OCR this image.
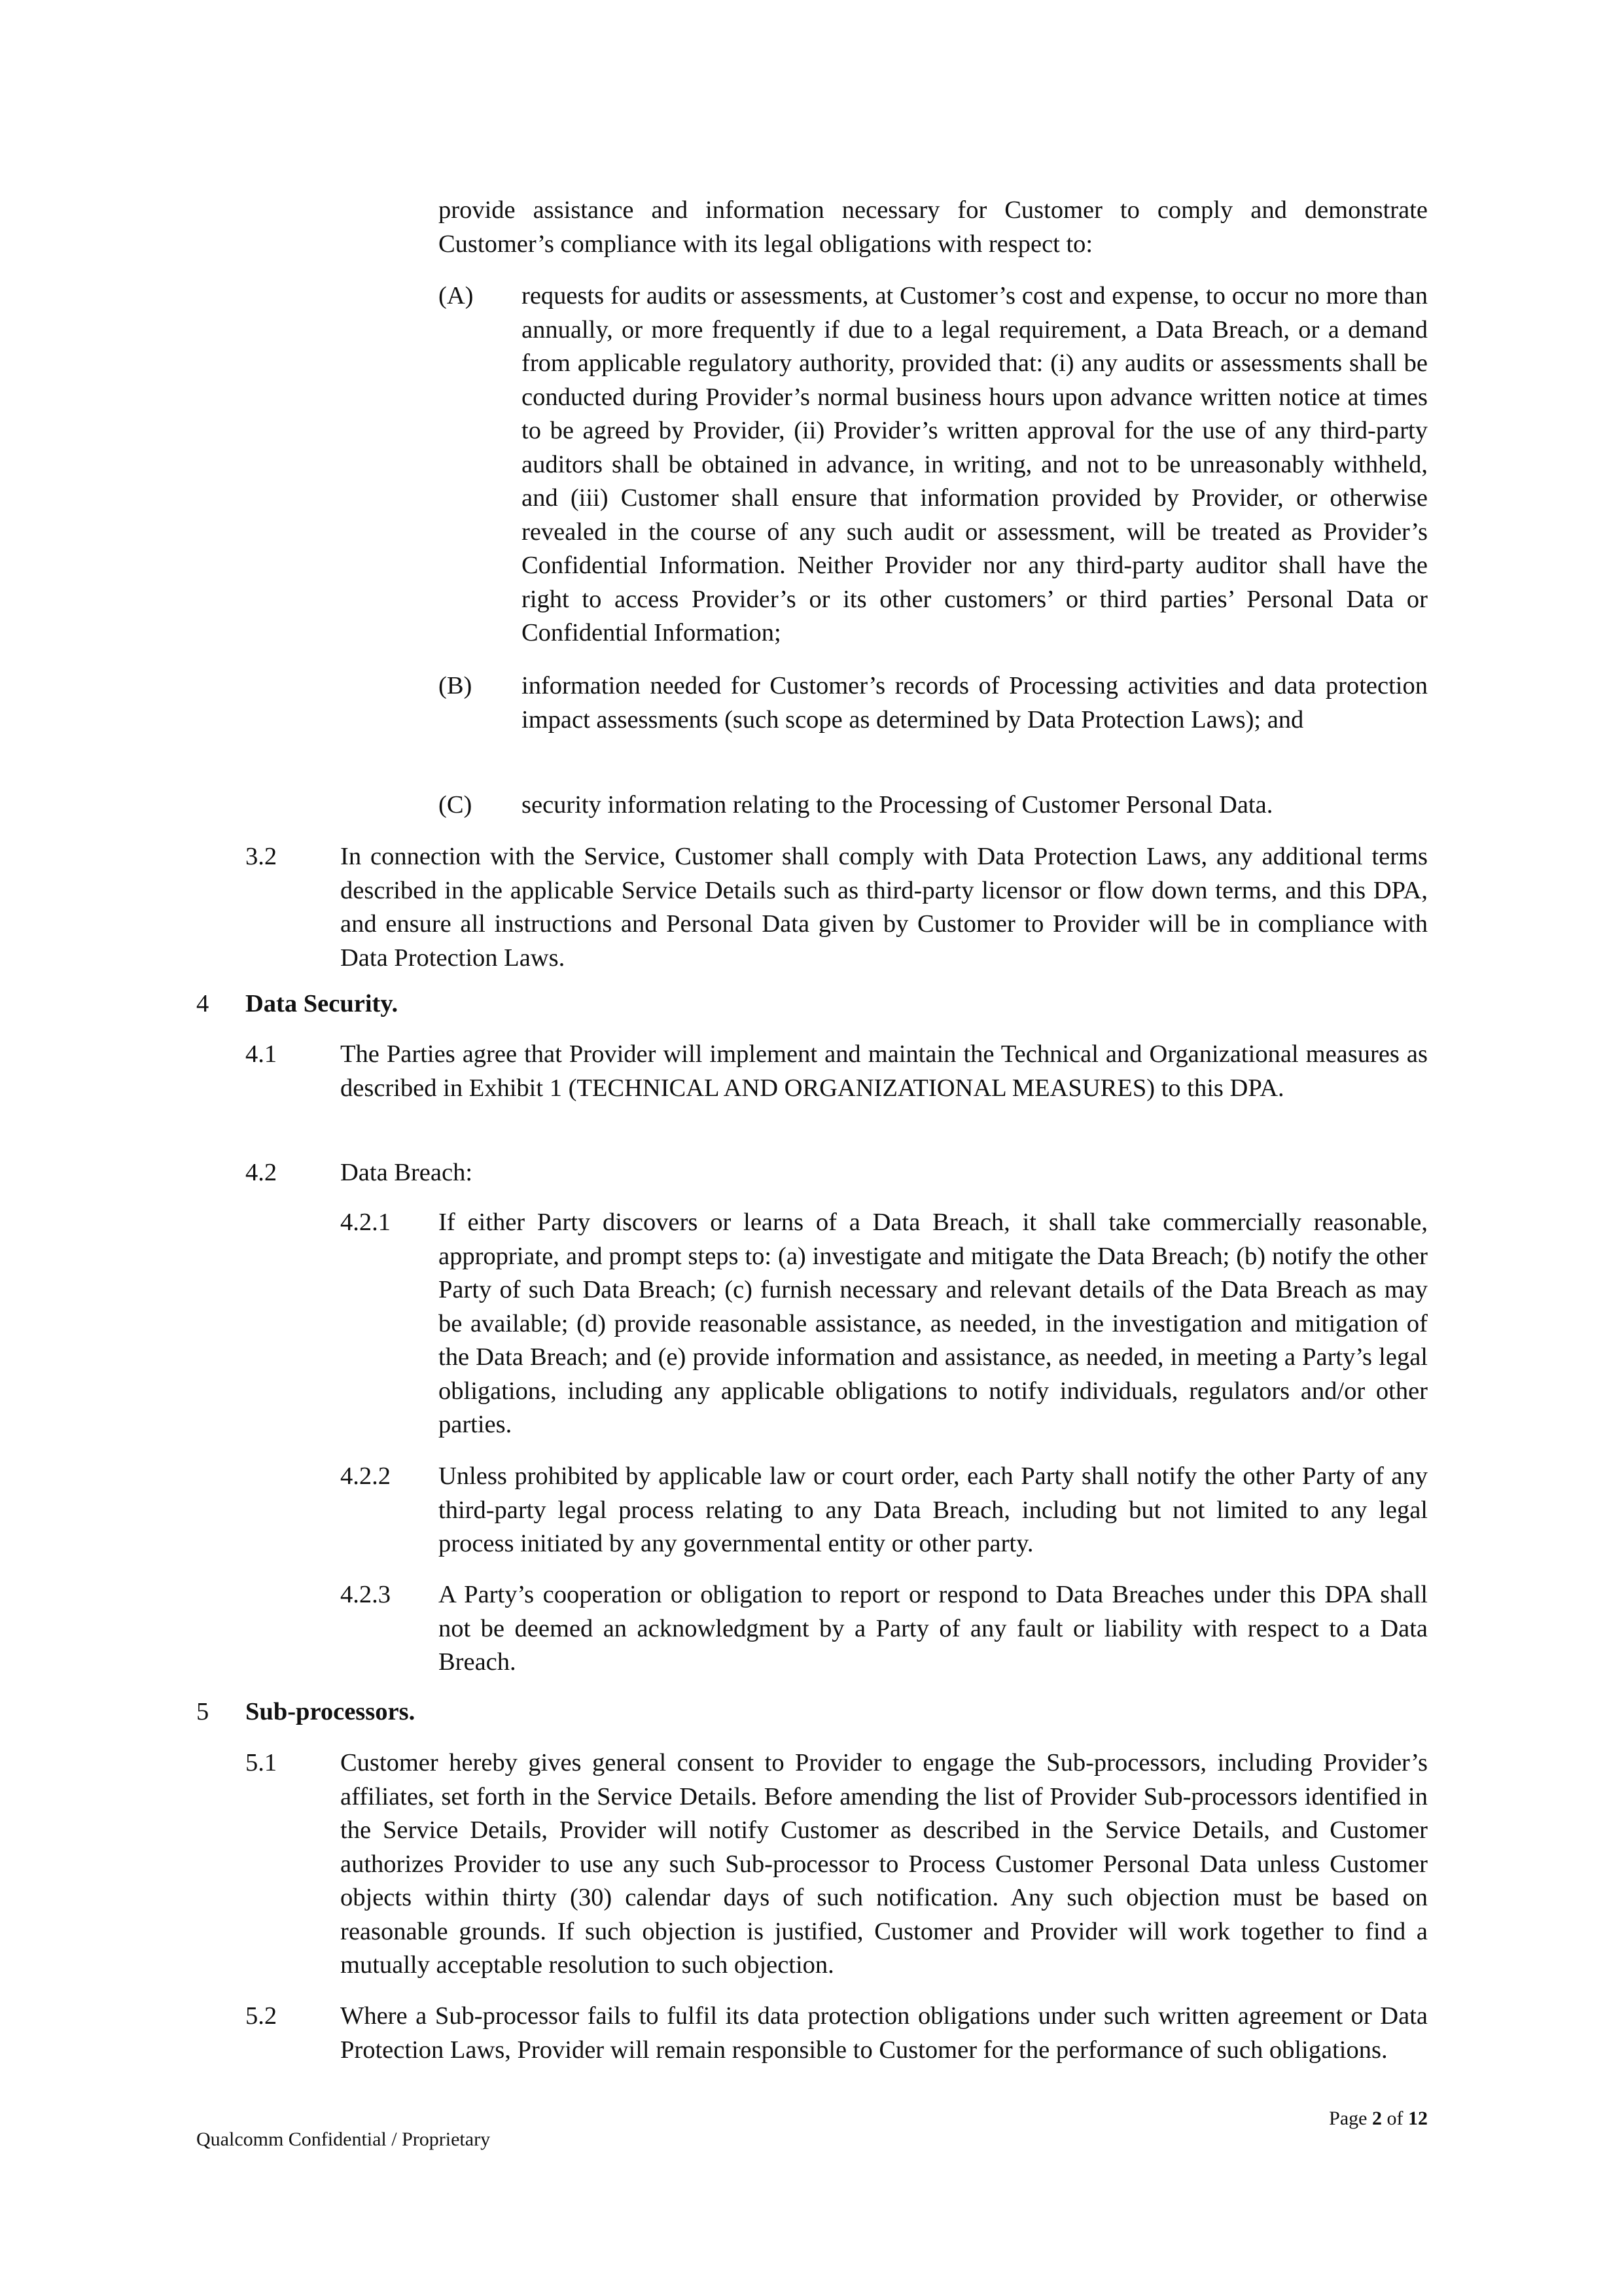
provide assistance and information necessary for Customer to comply and demonstrate Customer’s compliance with its legal obligations with respect to:

(A) requests for audits or assessments, at Customer’s cost and expense, to occur no more than annually, or more frequently if due to a legal requirement, a Data Breach, or a demand from applicable regulatory authority, provided that: (i) any audits or assessments shall be conducted during Provider’s normal business hours upon advance written notice at times to be agreed by Provider, (ii) Provider’s written approval for the use of any third-party auditors shall be obtained in advance, in writing, and not to be unreasonably withheld, and (iii) Customer shall ensure that information provided by Provider, or otherwise revealed in the course of any such audit or assessment, will be treated as Provider’s Confidential Information. Neither Provider nor any third-party auditor shall have the right to access Provider’s or its other customers’ or third parties’ Personal Data or Confidential Information;

(B) information needed for Customer’s records of Processing activities and data protection impact assessments (such scope as determined by Data Protection Laws); and

(C) security information relating to the Processing of Customer Personal Data.

3.2	In connection with the Service, Customer shall comply with Data Protection Laws, any additional terms described in the applicable Service Details such as third-party licensor or flow down terms, and this DPA, and ensure all instructions and Personal Data given by Customer to Provider will be in compliance with Data Protection Laws.

4 Data Security.

4.1	The Parties agree that Provider will implement and maintain the Technical and Organizational measures as described in Exhibit 1 (TECHNICAL AND ORGANIZATIONAL MEASURES) to this DPA.

4.2	Data Breach:

4.2.1 If either Party discovers or learns of a Data Breach, it shall take commercially reasonable, appropriate, and prompt steps to: (a) investigate and mitigate the Data Breach; (b) notify the other Party of such Data Breach; (c) furnish necessary and relevant details of the Data Breach as may be available; (d) provide reasonable assistance, as needed, in the investigation and mitigation of the Data Breach; and (e) provide information and assistance, as needed, in meeting a Party’s legal obligations, including any applicable obligations to notify individuals, regulators and/or other parties.

4.2.2 Unless prohibited by applicable law or court order, each Party shall notify the other Party of any third-party legal process relating to any Data Breach, including but not limited to any legal process initiated by any governmental entity or other party.

4.2.3 A Party’s cooperation or obligation to report or respond to Data Breaches under this DPA shall not be deemed an acknowledgment by a Party of any fault or liability with respect to a Data Breach.

5 Sub-processors.

5.1	Customer hereby gives general consent to Provider to engage the Sub-processors, including Provider’s affiliates, set forth in the Service Details. Before amending the list of Provider Sub-processors identified in the Service Details, Provider will notify Customer as described in the Service Details, and Customer authorizes Provider to use any such Sub-processor to Process Customer Personal Data unless Customer objects within thirty (30) calendar days of such notification. Any such objection must be based on reasonable grounds. If such objection is justified, Customer and Provider will work together to find a mutually acceptable resolution to such objection.

5.2	Where a Sub-processor fails to fulfil its data protection obligations under such written agreement or Data Protection Laws, Provider will remain responsible to Customer for the performance of such obligations.

Page 2 of 12
Qualcomm Confidential / Proprietary
